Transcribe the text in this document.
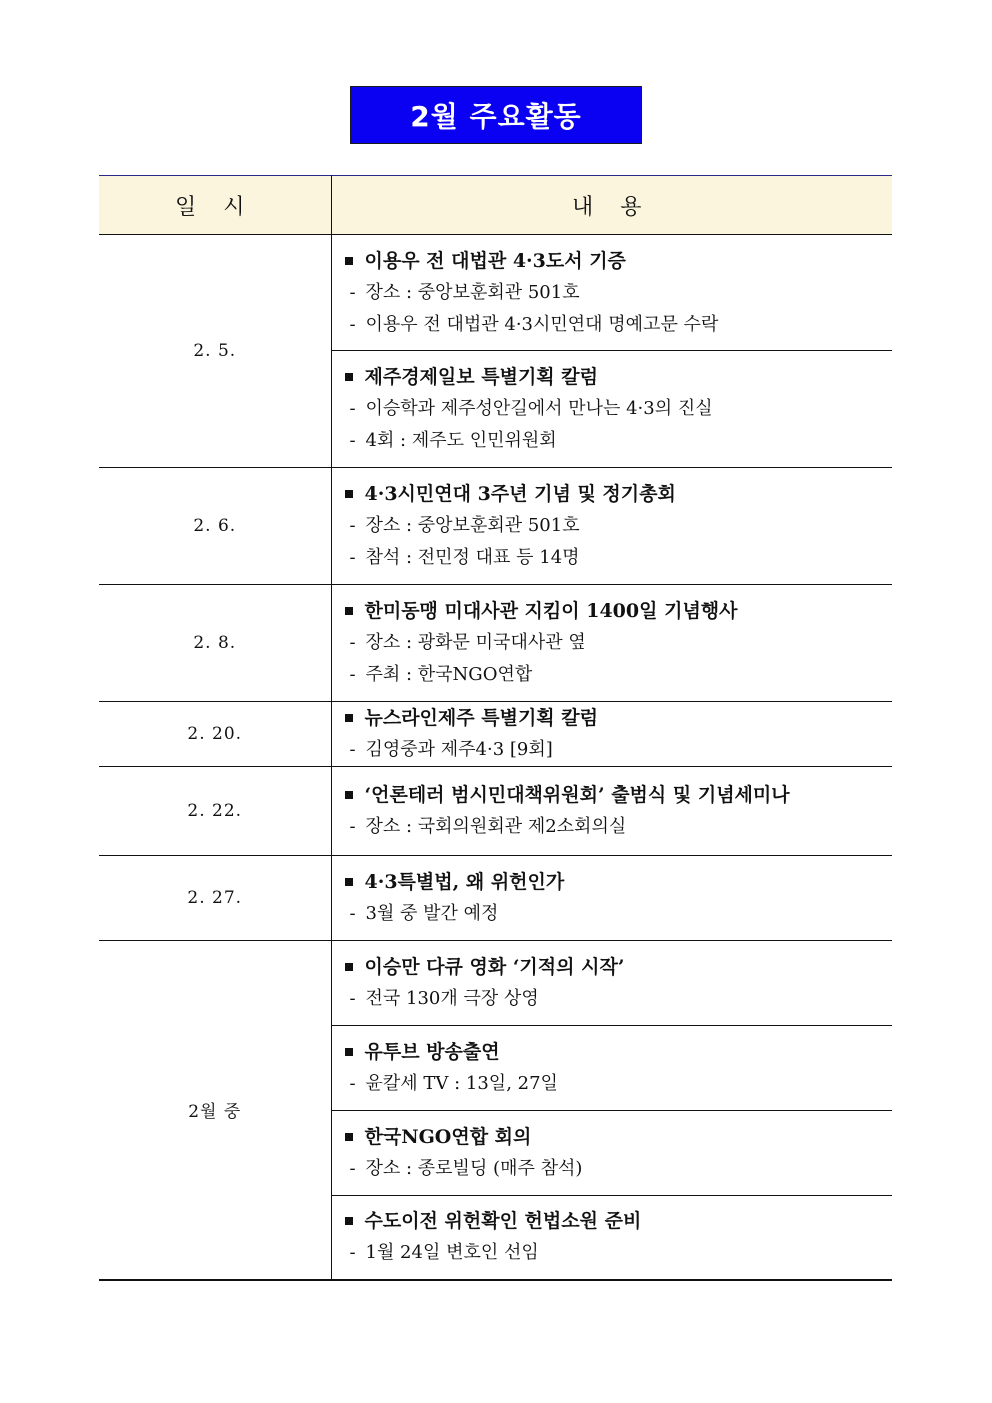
2월 주요활동
일 시	내 용
2. 5.	이용우 전 대법관 4·3도서 기증
- 장소 : 중앙보훈회관 501호
- 이용우 전 대법관 4·3시민연대 명예고문 수락

	제주경제일보 특별기획 칼럼
- 이승학과 제주성안길에서 만나는 4·3의 진실
- 4회 : 제주도 인민위원회

2. 6.	4·3시민연대 3주년 기념 및 정기총회
- 장소 : 중앙보훈회관 501호
- 참석 : 전민정 대표 등 14명

2. 8.	한미동맹 미대사관 지킴이 1400일 기념행사
- 장소 : 광화문 미국대사관 옆
- 주최 : 한국NGO연합

2. 20.	뉴스라인제주 특별기획 칼럼
- 김영중과 제주4·3 [9회]

2. 22.	‘언론테러 범시민대책위원회’ 출범식 및 기념세미나
- 장소 : 국회의원회관 제2소회의실

2. 27.	4·3특별법, 왜 위헌인가
- 3월 중 발간 예정

2월 중	이승만 다큐 영화 ‘기적의 시작’
- 전국 130개 극장 상영

	유투브 방송출연
- 윤칼세 TV : 13일, 27일

	한국NGO연합 회의
- 장소 : 종로빌딩 (매주 참석)

	수도이전 위헌확인 헌법소원 준비
- 1월 24일 변호인 선임
